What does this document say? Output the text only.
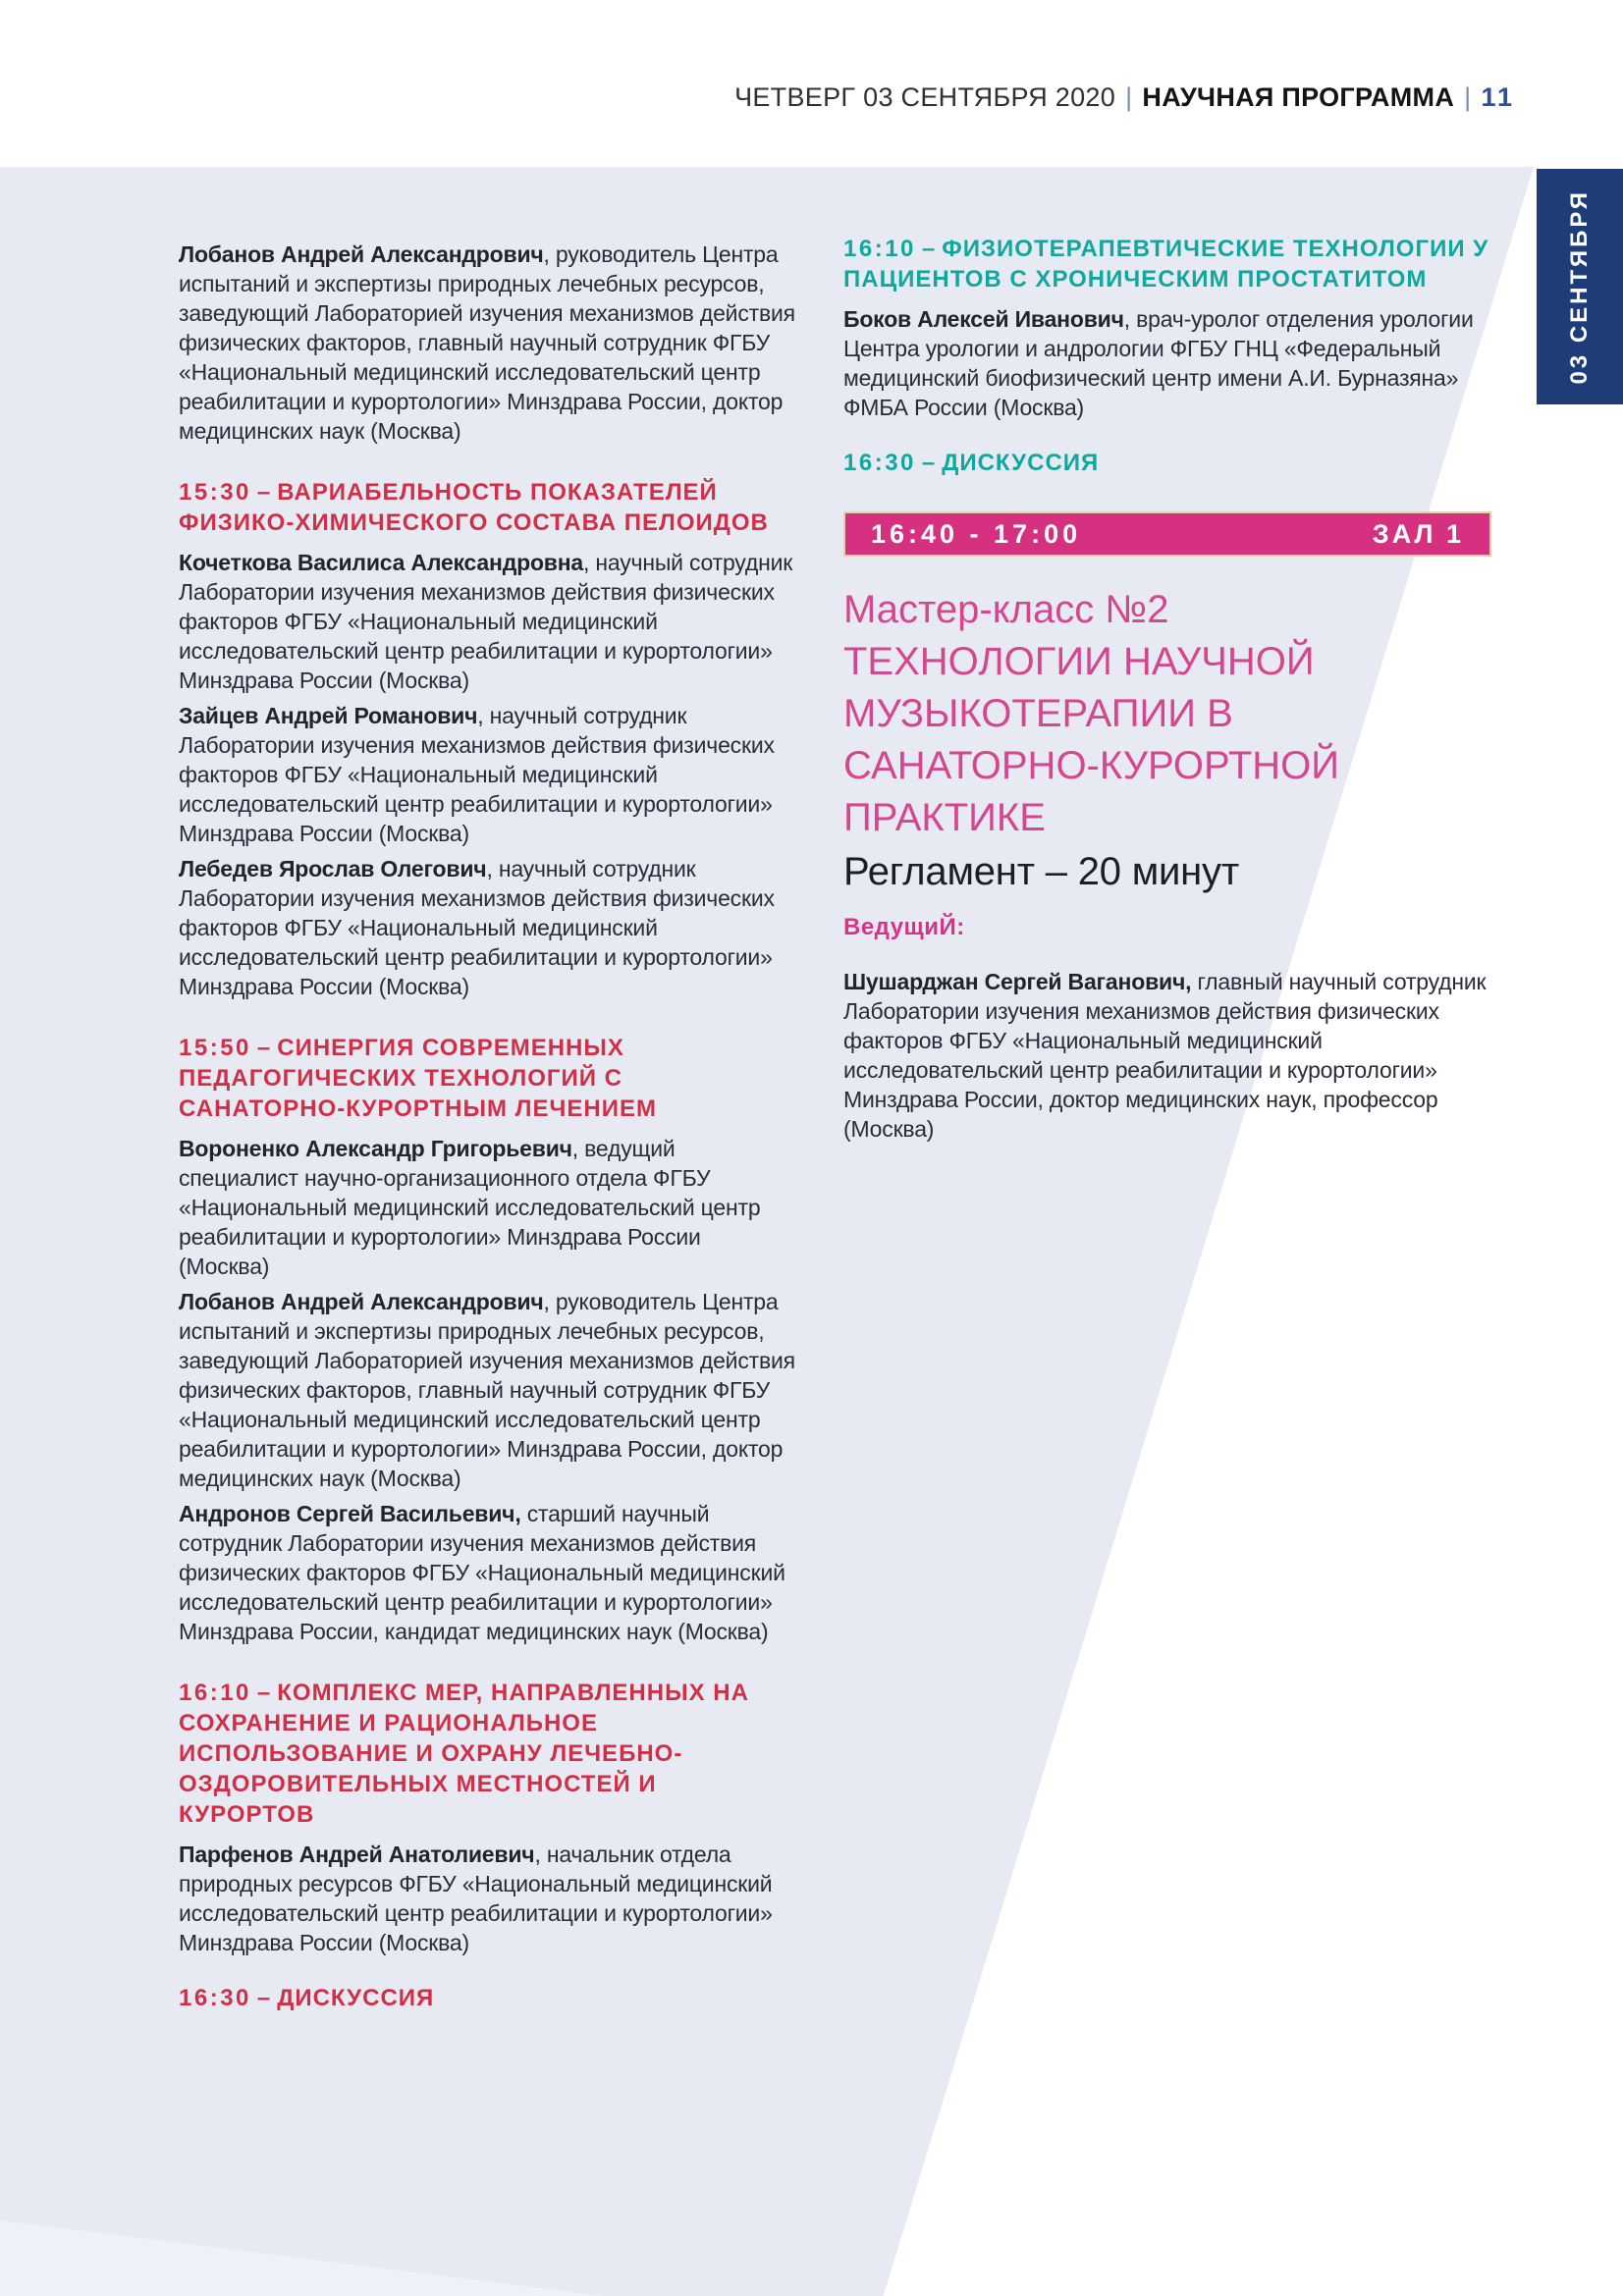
03 СЕНТЯБРЯ
ЧЕТВЕРГ 03 СЕНТЯБРЯ 2020 | НАУЧНАЯ ПРОГРАММА | 11

Лобанов Андрей Александрович, руководитель Центра испытаний и экспертизы природных лечебных ресурсов, заведующий Лабораторией изучения механизмов действия физических факторов, главный научный сотрудник ФГБУ «Национальный медицинский исследовательский центр реабилитации и курортологии» Минздрава России, доктор медицинских наук (Москва)

15:30 – ВАРИАБЕЛЬНОСТЬ ПОКАЗАТЕЛЕЙ ФИЗИКО-ХИМИЧЕСКОГО СОСТАВА ПЕЛОИДОВ

Кочеткова Василиса Александровна, научный сотрудник Лаборатории изучения механизмов действия физических факторов ФГБУ «Национальный медицинский исследовательский центр реабилитации и курортологии» Минздрава России (Москва)

Зайцев Андрей Романович, научный сотрудник Лаборатории изучения механизмов действия физических факторов ФГБУ «Национальный медицинский исследовательский центр реабилитации и курортологии» Минздрава России (Москва)

Лебедев Ярослав Олегович, научный сотрудник Лаборатории изучения механизмов действия физических факторов ФГБУ «Национальный медицинский исследовательский центр реабилитации и курортологии» Минздрава России (Москва)

15:50 – СИНЕРГИЯ СОВРЕМЕННЫХ ПЕДАГОГИЧЕСКИХ ТЕХНОЛОГИЙ С САНАТОРНО-КУРОРТНЫМ ЛЕЧЕНИЕМ

Вороненко Александр Григорьевич, ведущий специалист научно-организационного отдела ФГБУ «Национальный медицинский исследовательский центр реабилитации и курортологии» Минздрава России (Москва)

Лобанов Андрей Александрович, руководитель Центра испытаний и экспертизы природных лечебных ресурсов, заведующий Лабораторией изучения механизмов действия физических факторов, главный научный сотрудник ФГБУ «Национальный медицинский исследовательский центр реабилитации и курортологии» Минздрава России, доктор медицинских наук (Москва)

Андронов Сергей Васильевич, старший научный сотрудник Лаборатории изучения механизмов действия физических факторов ФГБУ «Национальный медицинский исследовательский центр реабилитации и курортологии» Минздрава России, кандидат медицинских наук (Москва)

16:10 – КОМПЛЕКС МЕР, НАПРАВЛЕННЫХ НА СОХРАНЕНИЕ И РАЦИОНАЛЬНОЕ ИСПОЛЬЗОВАНИЕ И ОХРАНУ ЛЕЧЕБНО-ОЗДОРОВИТЕЛЬНЫХ МЕСТНОСТЕЙ И КУРОРТОВ

Парфенов Андрей Анатолиевич, начальник отдела природных ресурсов ФГБУ «Национальный медицинский исследовательский центр реабилитации и курортологии» Минздрава России (Москва)

16:30 – ДИСКУССИЯ
16:10 – ФИЗИОТЕРАПЕВТИЧЕСКИЕ ТЕХНОЛОГИИ У ПАЦИЕНТОВ С ХРОНИЧЕСКИМ ПРОСТАТИТОМ

Боков Алексей Иванович, врач-уролог отделения урологии Центра урологии и андрологии ФГБУ ГНЦ «Федеральный медицинский биофизический центр имени А.И. Бурназяна» ФМБА России (Москва)

16:30 – ДИСКУССИЯ
16:40 - 17:00	ЗАЛ 1

Мастер-класс №2

ТЕХНОЛОГИИ НАУЧНОЙ МУЗЫКОТЕРАПИИ В САНАТОРНО-КУРОРТНОЙ ПРАКТИКЕ

Регламент – 20 минут

ВедущиЙ:

Шушарджан Сергей Ваганович, главный научный сотрудник Лаборатории изучения механизмов действия физических факторов ФГБУ «Национальный медицинский исследовательский центр реабилитации и курортологии» Минздрава России, доктор медицинских наук, профессор (Москва)
